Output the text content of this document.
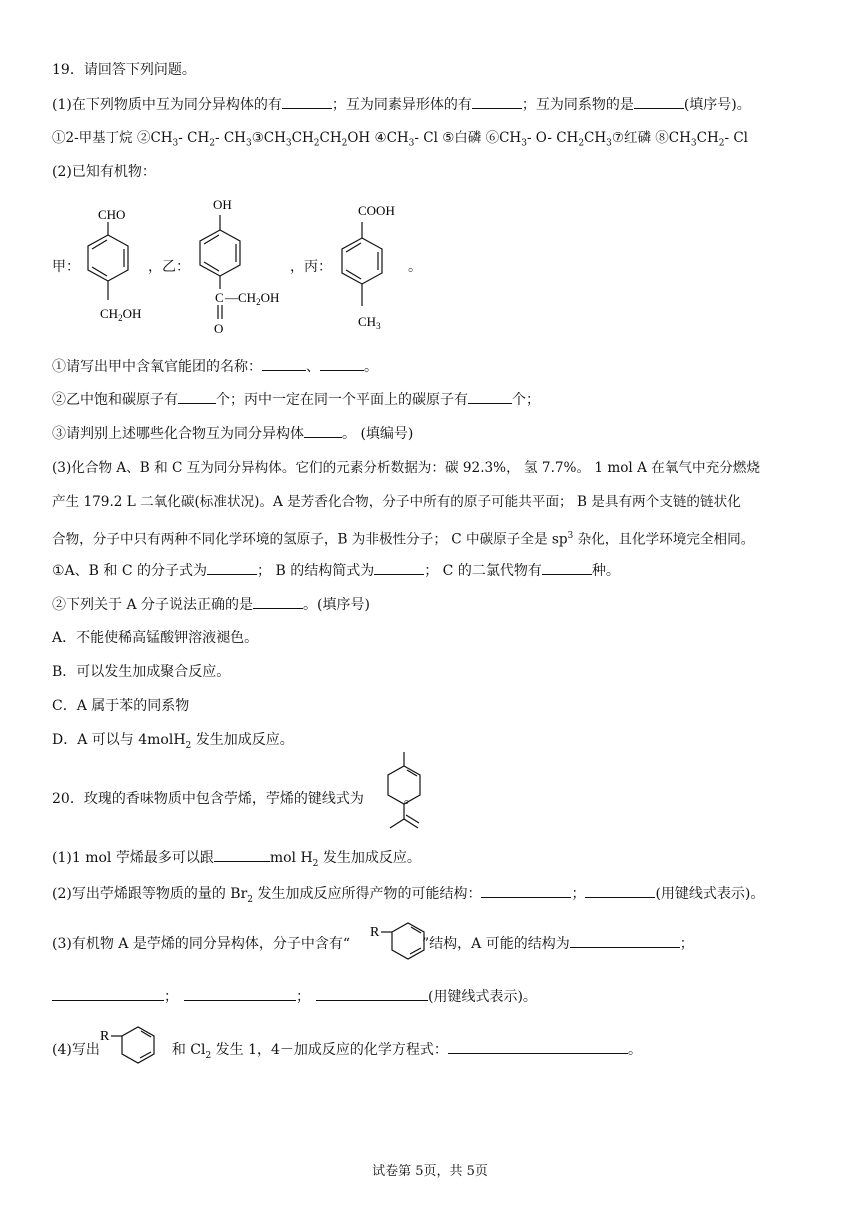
19．请回答下列问题。
(1)在下列物质中互为同分异构体的有	；互为同素异形体的有	；互为同系物的是	(填序号)。
①2-甲基丁烷 $②CH_3-$ $CH_2-$ $CH_3③CH_3CH_2CH_2OH$ $④CH_3-$ Cl ⑤白磷 $⑥CH_3-$ O- $CH_2CH_3⑦$红磷 $⑧CH_3CH_2-$ Cl
(2)已知有机物：
甲：	，乙：	，丙：	。
CHO
$CH_2OH$
OH
C $—CH_2OH$
O
COOH
$CH_3$
①请写出甲中含氧官能团的名称：	、	。
②乙中饱和碳原子有	个；丙中一定在同一个平面上的碳原子有	个；
③请判别上述哪些化合物互为同分异构体	。 (填编号)
(3)化合物 A、B 和 C 互为同分异构体。它们的元素分析数据为：碳 92.3%， 氢 7.7%。 1 mol A 在氧气中充分燃烧
产生 179.2 L 二氧化碳(标准状况)。A 是芳香化合物，分子中所有的原子可能共平面； B 是具有两个支链的链状化
合物，分子中只有两种不同化学环境的氢原子，B 为非极性分子； C 中碳原子全是 $sp^3$ 杂化，且化学环境完全相同。
①A、B 和 C 的分子式为	； B 的结构简式为	； C 的二氯代物有	种。
②下列关于 A 分子说法正确的是	。(填序号)
A．不能使稀高锰酸钾溶液褪色。
B．可以发生加成聚合反应。
C．A 属于苯的同系物
D．A 可以与 4molH$_2$ 发生加成反应。
20．玫瑰的香味物质中包含苧烯，苧烯的键线式为	。
(1)1 mol 苧烯最多可以跟	mol $H_2$ 发生加成反应。
(2)写出苧烯跟等物质的量的 $Br_2$ 发生加成反应所得产物的可能结构：	；	(用键线式表示)。
(3)有机物 A 是苧烯的同分异构体，分子中含有“	”结构，A 可能的结构为	；
R
；	；	(用键线式表示)。
(4)写出	和 $Cl_2$ 发生 1，4－加成反应的化学方程式：	。
R
试卷第 5页，共 5页
